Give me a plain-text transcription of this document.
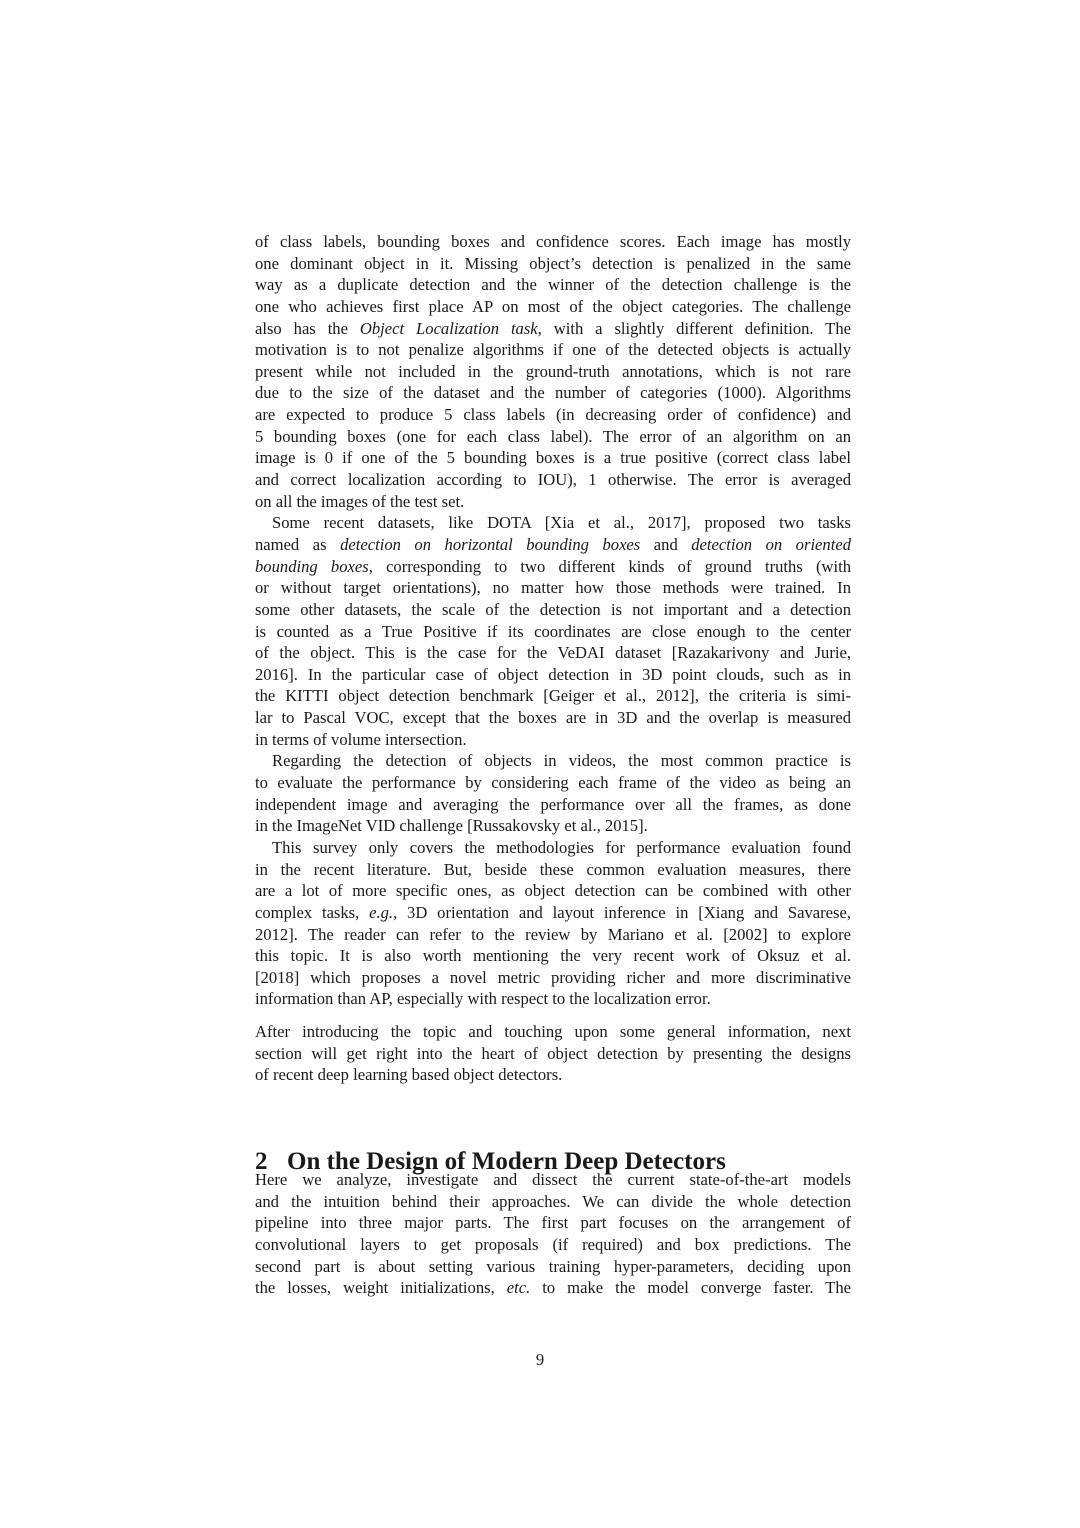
of class labels, bounding boxes and confidence scores. Each image has mostly
one dominant object in it. Missing object’s detection is penalized in the same
way as a duplicate detection and the winner of the detection challenge is the
one who achieves first place AP on most of the object categories. The challenge
also has the Object Localization task, with a slightly different definition. The
motivation is to not penalize algorithms if one of the detected objects is actually
present while not included in the ground-truth annotations, which is not rare
due to the size of the dataset and the number of categories (1000). Algorithms
are expected to produce 5 class labels (in decreasing order of confidence) and
5 bounding boxes (one for each class label). The error of an algorithm on an
image is 0 if one of the 5 bounding boxes is a true positive (correct class label
and correct localization according to IOU), 1 otherwise. The error is averaged
on all the images of the test set.
Some recent datasets, like DOTA [Xia et al., 2017], proposed two tasks
named as detection on horizontal bounding boxes and detection on oriented
bounding boxes, corresponding to two different kinds of ground truths (with
or without target orientations), no matter how those methods were trained. In
some other datasets, the scale of the detection is not important and a detection
is counted as a True Positive if its coordinates are close enough to the center
of the object. This is the case for the VeDAI dataset [Razakarivony and Jurie,
2016]. In the particular case of object detection in 3D point clouds, such as in
the KITTI object detection benchmark [Geiger et al., 2012], the criteria is simi-
lar to Pascal VOC, except that the boxes are in 3D and the overlap is measured
in terms of volume intersection.
Regarding the detection of objects in videos, the most common practice is
to evaluate the performance by considering each frame of the video as being an
independent image and averaging the performance over all the frames, as done
in the ImageNet VID challenge [Russakovsky et al., 2015].
This survey only covers the methodologies for performance evaluation found
in the recent literature. But, beside these common evaluation measures, there
are a lot of more specific ones, as object detection can be combined with other
complex tasks, e.g., 3D orientation and layout inference in [Xiang and Savarese,
2012]. The reader can refer to the review by Mariano et al. [2002] to explore
this topic. It is also worth mentioning the very recent work of Oksuz et al.
[2018] which proposes a novel metric providing richer and more discriminative
information than AP, especially with respect to the localization error.
After introducing the topic and touching upon some general information, next
section will get right into the heart of object detection by presenting the designs
of recent deep learning based object detectors.
2 On the Design of Modern Deep Detectors
Here we analyze, investigate and dissect the current state-of-the-art models
and the intuition behind their approaches. We can divide the whole detection
pipeline into three major parts. The first part focuses on the arrangement of
convolutional layers to get proposals (if required) and box predictions. The
second part is about setting various training hyper-parameters, deciding upon
the losses, weight initializations, etc. to make the model converge faster. The
9
